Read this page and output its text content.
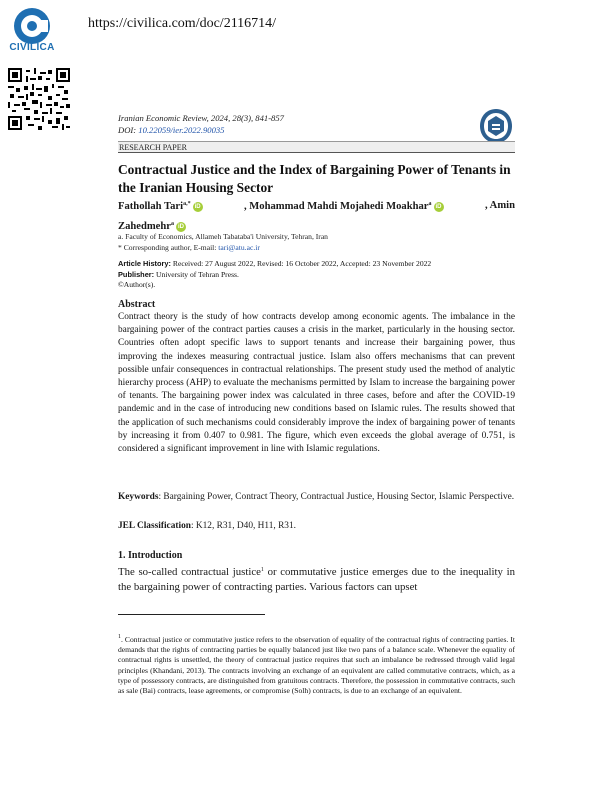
CIVILICA
https://civilica.com/doc/2116714/
Iranian Economic Review, 2024, 28(3), 841-857
DOI: 10.22059/ier.2022.90035
RESEARCH PAPER
Contractual Justice and the Index of Bargaining Power of Tenants in the Iranian Housing Sector
Fathollah Tari$^{a,*}$ iD	, Mohammad Mahdi Mojahedi Moakhar$^a$ iD	, Amin
Zahedmehr$^a$ iD
a. Faculty of Economics, Allameh Tabataba'i University, Tehran, Iran
* Corresponding author, E-mail: tari@atu.ac.ir
Article History: Received: 27 August 2022, Revised: 16 October 2022, Accepted: 23 November 2022
Publisher: University of Tehran Press.
©Author(s).
Abstract
Contract theory is the study of how contracts develop among economic agents. The imbalance in the bargaining power of the contract parties causes a crisis in the market, particularly in the housing sector. Countries often adopt specific laws to support tenants and increase their bargaining power, thus improving the indexes measuring contractual justice. Islam also offers mechanisms that can prevent possible unfair consequences in contractual relationships. The present study used the method of analytic hierarchy process (AHP) to evaluate the mechanisms permitted by Islam to increase the bargaining power of tenants. The bargaining power index was calculated in three cases, before and after the COVID-19 pandemic and in the case of introducing new conditions based on Islamic rules. The results showed that the application of such mechanisms could considerably improve the index of bargaining power of tenants by increasing it from 0.407 to 0.981. The figure, which even exceeds the global average of 0.751, is considered a significant improvement in line with Islamic regulations.
Keywords: Bargaining Power, Contract Theory, Contractual Justice, Housing Sector, Islamic Perspective.
JEL Classification: K12, R31, D40, H11, R31.
1. Introduction
The so-called contractual justice$^1$ or commutative justice emerges due to the inequality in the bargaining power of contracting parties. Various factors can upset
$^1$. Contractual justice or commutative justice refers to the observation of equality of the contractual rights of contracting parties. It demands that the rights of contracting parties be equally balanced just like two pans of a balance scale. Whenever the equality of contractual rights is unsettled, the theory of contractual justice requires that such an imbalance be redressed through valid legal principles (Khandani, 2013). The contracts involving an exchange of an equivalent are called commutative contracts, which, as a type of possessory contracts, are distinguished from gratuitous contracts. Therefore, the possession in commutative contracts, such as sale (Bai) contracts, lease agreements, or compromise (Solh) contracts, is due to an exchange of an equivalent.
